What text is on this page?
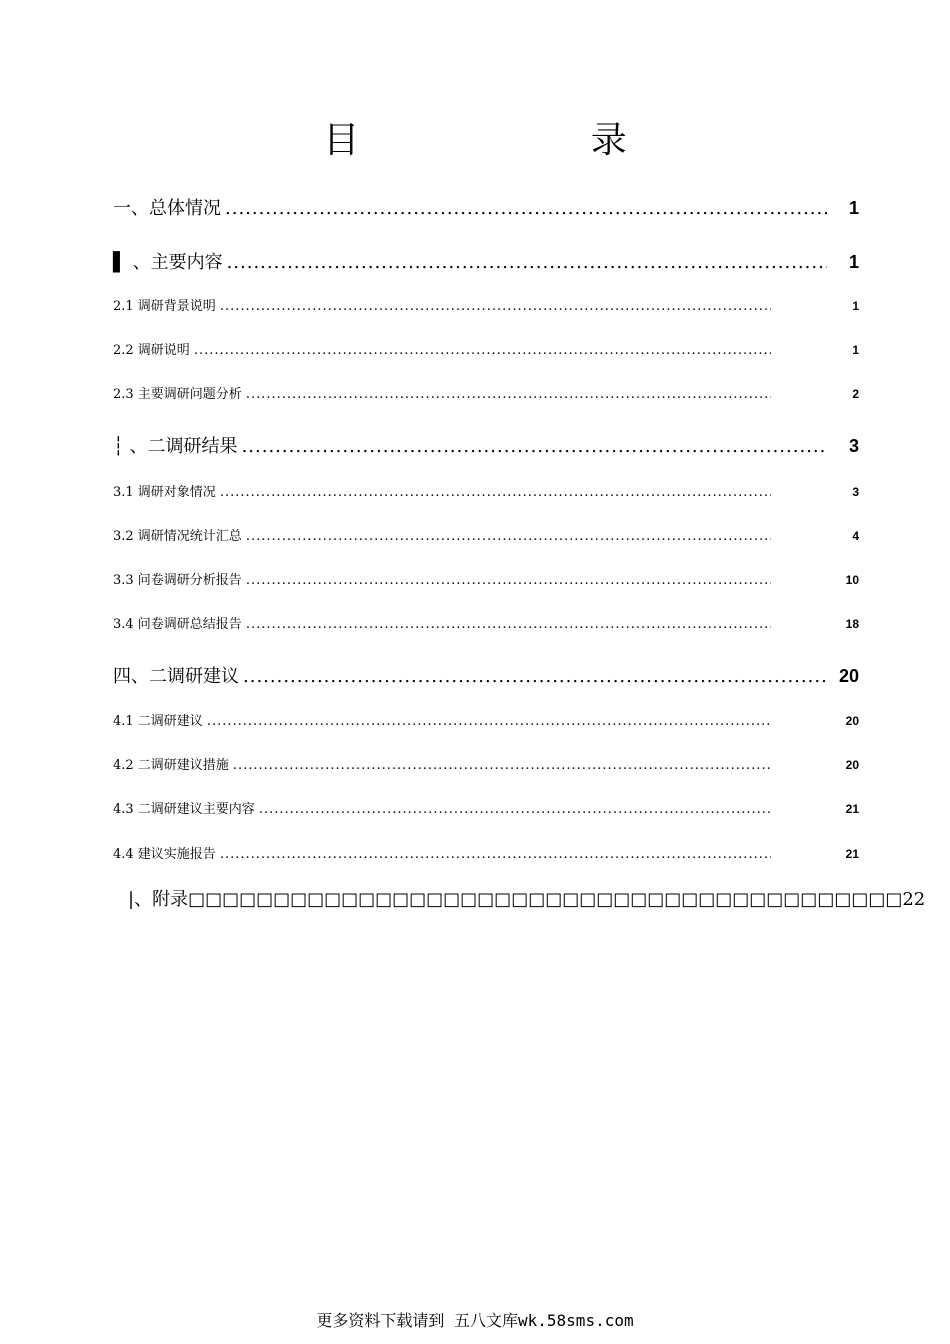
目 录
一、总体情况 .....	1
▌ 、主要内容 .....	1
2.1 调研背景说明 .....	1
2.2 调研说明 .....	1
2.3 主要调研问题分析 .....	2
┆ 、二调研结果 .....	3
3.1 调研对象情况 .....	3
3.2 调研情况统计汇总 .....	4
3.3 问卷调研分析报告 .....	10
3.4 问卷调研总结报告 .....	18
四、二调研建议 .....	20
4.1 二调研建议 .....	20
4.2 二调研建议措施 .....	20
4.3 二调研建议主要内容 .....	21
4.4 建议实施报告 .....	21
|、附录□□□□□□□□□□□□□□□□□□□□□□□□□□□□□□□□□□□□□□□□□□22
更多资料下载请到 五八文库wk.58sms.com
